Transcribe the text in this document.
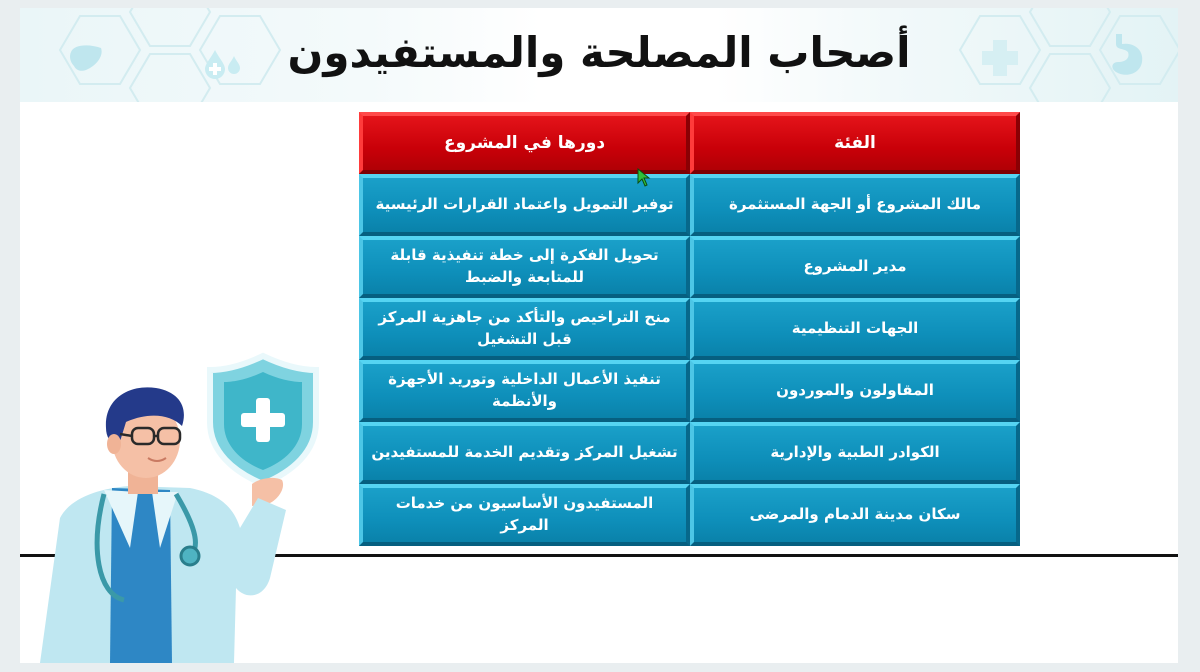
أصحاب المصلحة والمستفيدون
الفئة
دورها في المشروع
مالك المشروع أو الجهة المستثمرة
توفير التمويل واعتماد القرارات الرئيسية
مدير المشروع
تحويل الفكرة إلى خطة تنفيذية قابلة للمتابعة والضبط
الجهات التنظيمية
منح التراخيص والتأكد من جاهزية المركز قبل التشغيل
المقاولون والموردون
تنفيذ الأعمال الداخلية وتوريد الأجهزة والأنظمة
الكوادر الطبية والإدارية
تشغيل المركز وتقديم الخدمة للمستفيدين
سكان مدينة الدمام والمرضى
المستفيدون الأساسيون من خدمات المركز
